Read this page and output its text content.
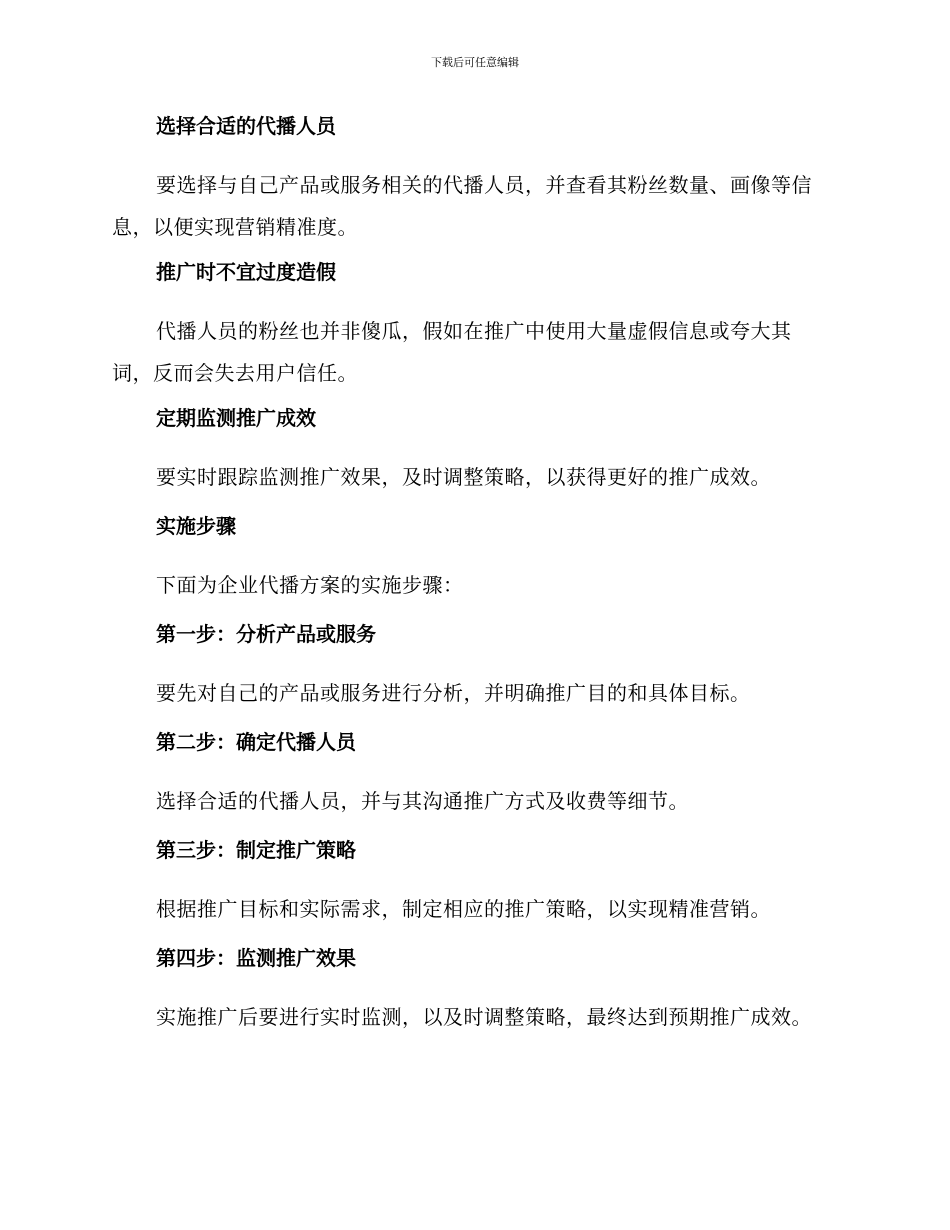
下载后可任意编辑
选择合适的代播人员
要选择与自己产品或服务相关的代播人员，并查看其粉丝数量、画像等信息，以便实现营销精准度。
推广时不宜过度造假
代播人员的粉丝也并非傻瓜，假如在推广中使用大量虚假信息或夸大其词，反而会失去用户信任。
定期监测推广成效
要实时跟踪监测推广效果，及时调整策略，以获得更好的推广成效。
实施步骤
下面为企业代播方案的实施步骤：
第一步：分析产品或服务
要先对自己的产品或服务进行分析，并明确推广目的和具体目标。
第二步：确定代播人员
选择合适的代播人员，并与其沟通推广方式及收费等细节。
第三步：制定推广策略
根据推广目标和实际需求，制定相应的推广策略，以实现精准营销。
第四步：监测推广效果
实施推广后要进行实时监测，以及时调整策略，最终达到预期推广成效。
